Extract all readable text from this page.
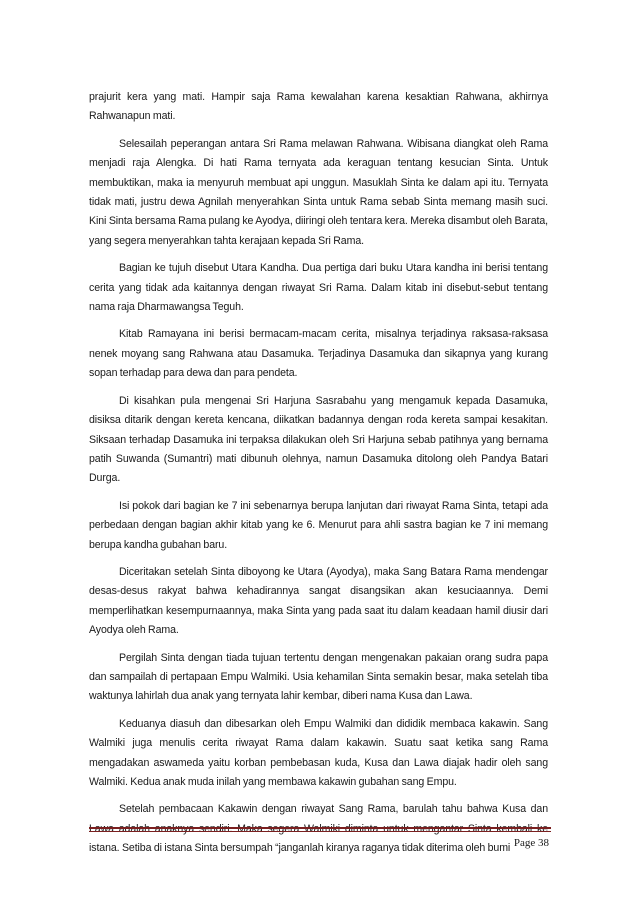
prajurit kera yang mati. Hampir saja Rama kewalahan karena kesaktian Rahwana, akhirnya Rahwanapun mati.

Selesailah peperangan antara Sri Rama melawan Rahwana. Wibisana diangkat oleh Rama menjadi raja Alengka. Di hati Rama ternyata ada keraguan tentang kesucian Sinta. Untuk membuktikan, maka ia menyuruh membuat api unggun. Masuklah Sinta ke dalam api itu. Ternyata tidak mati, justru dewa Agnilah menyerahkan Sinta untuk Rama sebab Sinta memang masih suci. Kini Sinta bersama Rama pulang ke Ayodya, diiringi oleh tentara kera. Mereka disambut oleh Barata, yang segera menyerahkan tahta kerajaan kepada Sri Rama.

Bagian ke tujuh disebut Utara Kandha. Dua pertiga dari buku Utara kandha ini berisi tentang cerita yang tidak ada kaitannya dengan riwayat Sri Rama. Dalam kitab ini disebut-sebut tentang nama raja Dharmawangsa Teguh.

Kitab Ramayana ini berisi bermacam-macam cerita, misalnya terjadinya raksasa-raksasa nenek moyang sang Rahwana atau Dasamuka. Terjadinya Dasamuka dan sikapnya yang kurang sopan terhadap para dewa dan para pendeta.

Di kisahkan pula mengenai Sri Harjuna Sasrabahu yang mengamuk kepada Dasamuka, disiksa ditarik dengan kereta kencana, diikatkan badannya dengan roda kereta sampai kesakitan. Siksaan terhadap Dasamuka ini terpaksa dilakukan oleh Sri Harjuna sebab patihnya yang bernama patih Suwanda (Sumantri) mati dibunuh olehnya, namun Dasamuka ditolong oleh Pandya Batari Durga.

Isi pokok dari bagian ke 7 ini sebenarnya berupa lanjutan dari riwayat Rama Sinta, tetapi ada perbedaan dengan bagian akhir kitab yang ke 6. Menurut para ahli sastra bagian ke 7 ini memang berupa kandha gubahan baru.

Diceritakan setelah Sinta diboyong ke Utara (Ayodya), maka Sang Batara Rama mendengar desas-desus rakyat bahwa kehadirannya sangat disangsikan akan kesuciaannya. Demi memperlihatkan kesempurnaannya, maka Sinta yang pada saat itu dalam keadaan hamil diusir dari Ayodya oleh Rama.

Pergilah Sinta dengan tiada tujuan tertentu dengan mengenakan pakaian orang sudra papa dan sampailah di pertapaan Empu Walmiki. Usia kehamilan Sinta semakin besar, maka setelah tiba waktunya lahirlah dua anak yang ternyata lahir kembar, diberi nama Kusa dan Lawa.

Keduanya diasuh dan dibesarkan oleh Empu Walmiki dan dididik membaca kakawin. Sang Walmiki juga menulis cerita riwayat Rama dalam kakawin. Suatu saat ketika sang Rama mengadakan aswameda yaitu korban pembebasan kuda, Kusa dan Lawa diajak hadir oleh sang Walmiki. Kedua anak muda inilah yang membawa kakawin gubahan sang Empu.

Setelah pembacaan Kakawin dengan riwayat Sang Rama, barulah tahu bahwa Kusa dan istana. Setiba di istana Sinta bersumpah “janganlah kiranya raganya tidak diterima oleh bumi Page 38
